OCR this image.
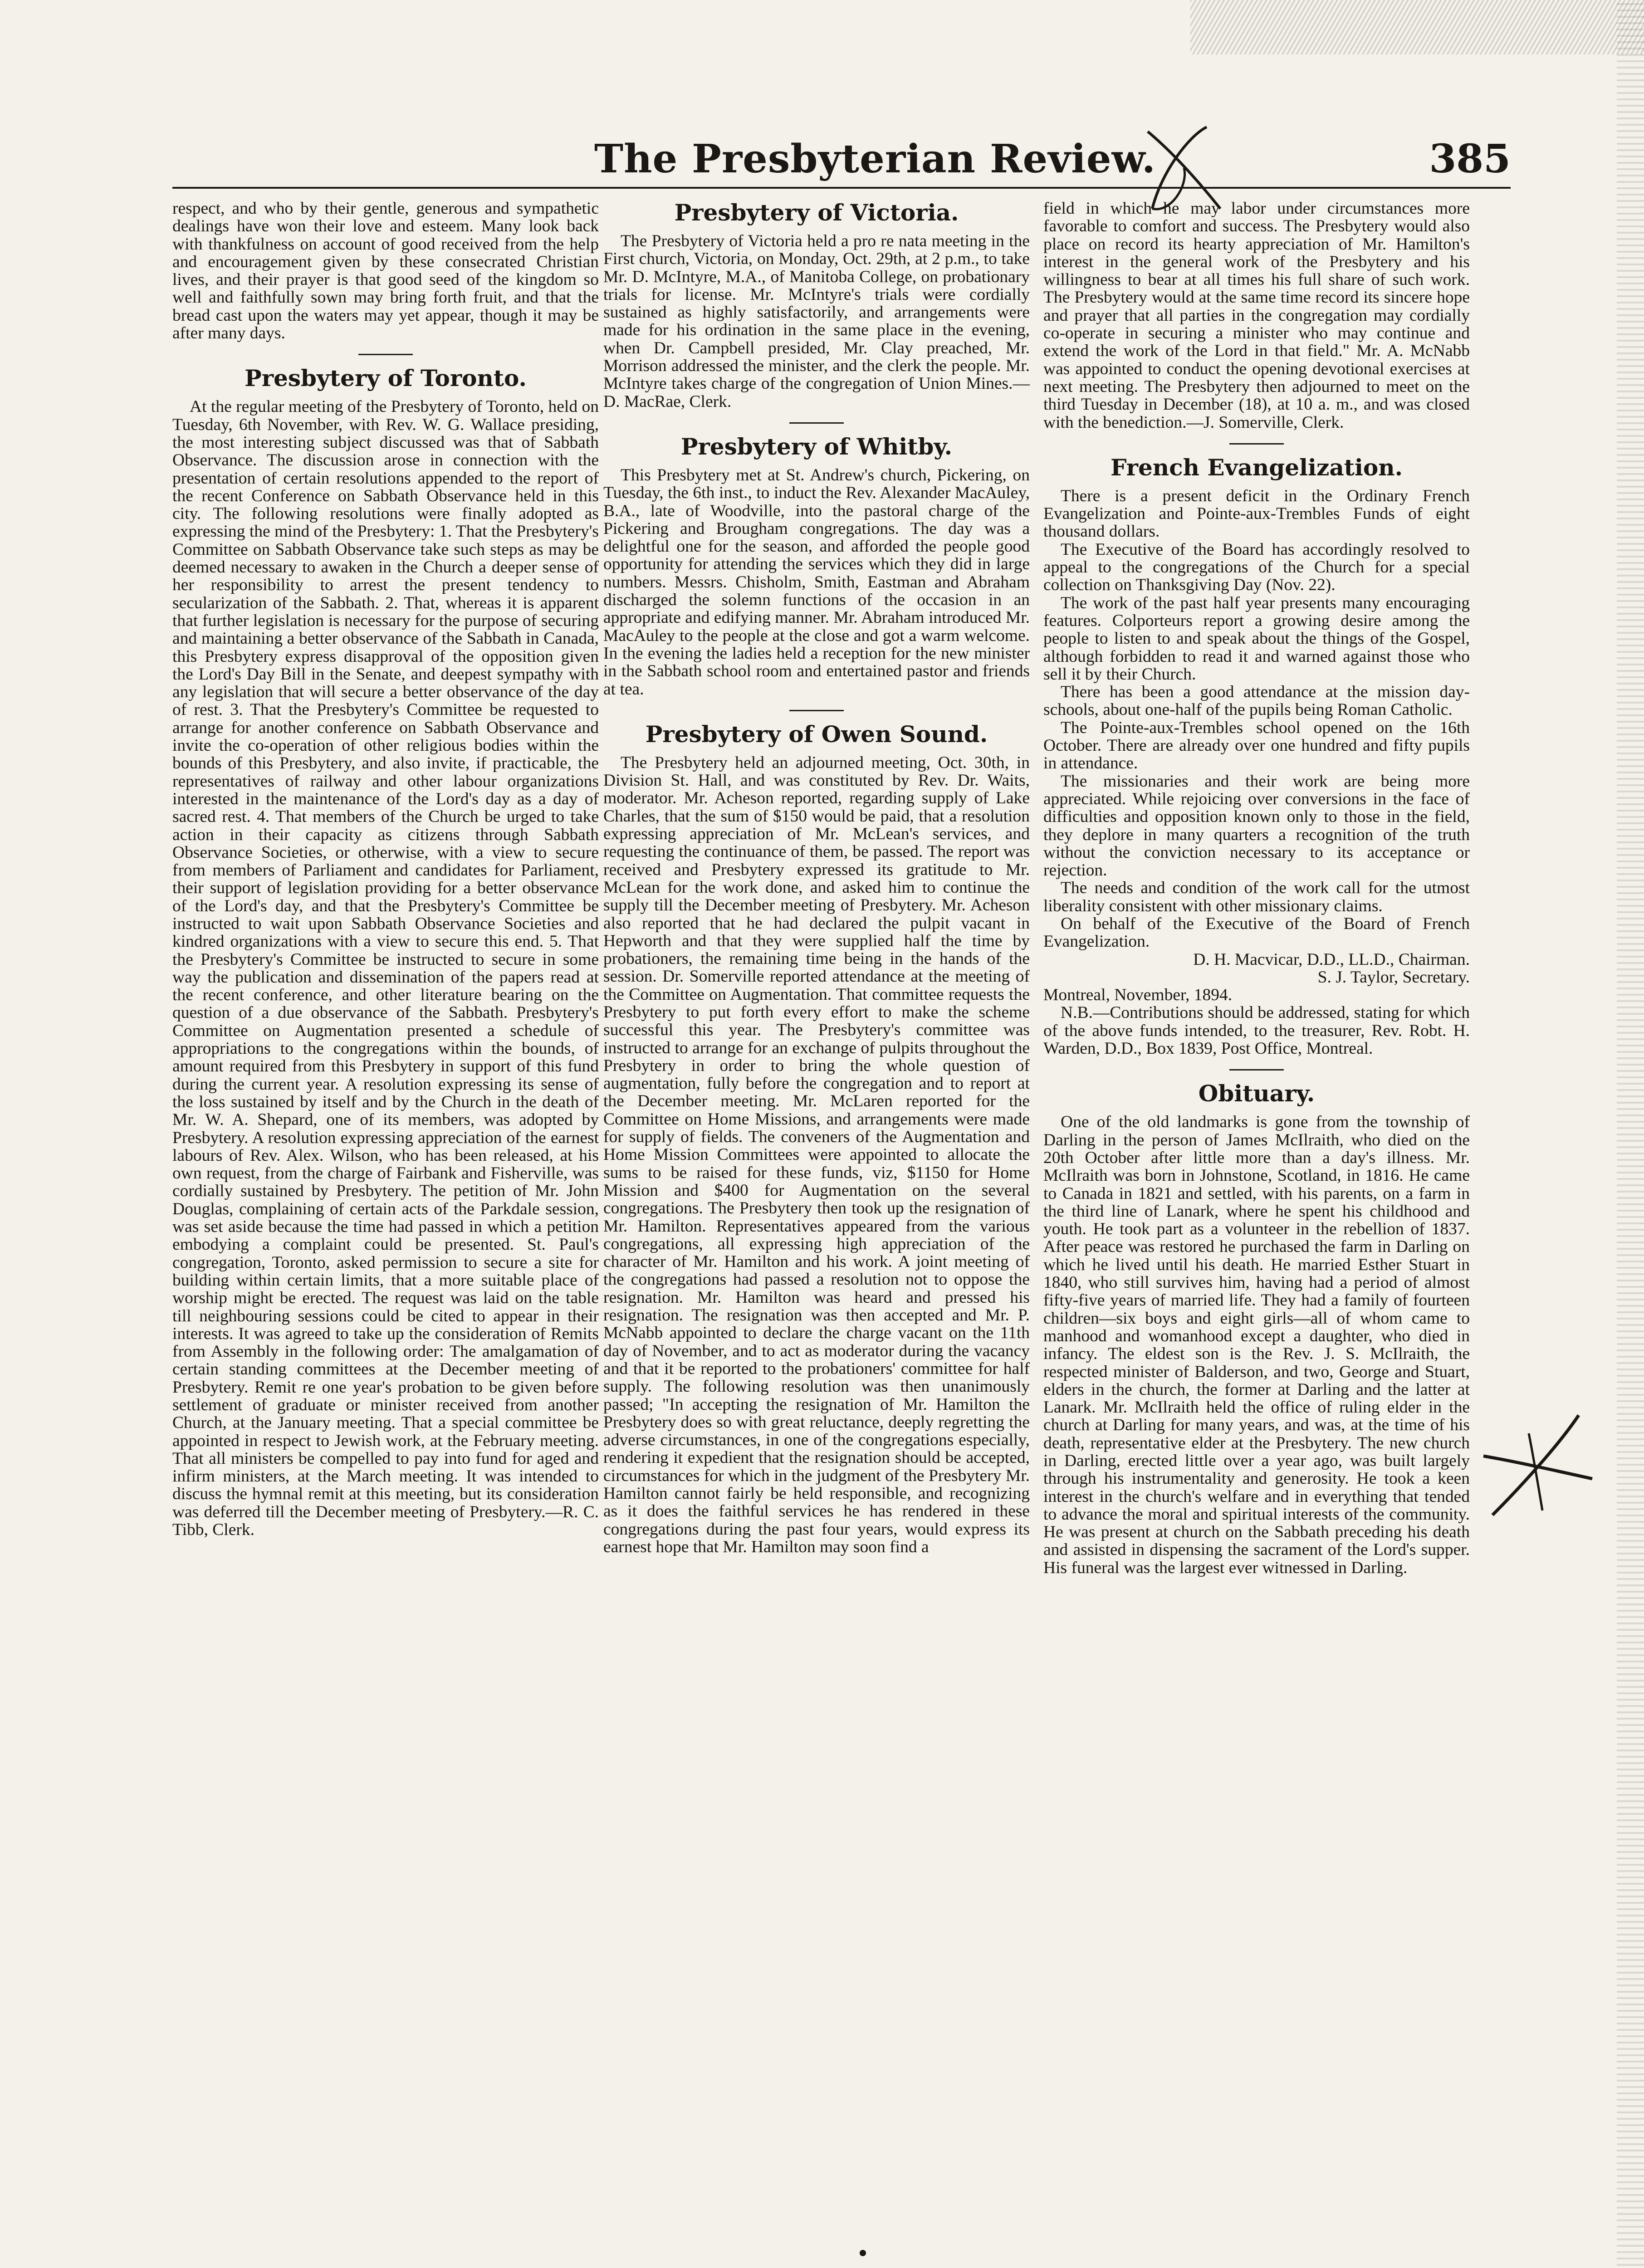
The Presbyterian Review.	385

respect, and who by their gentle, generous and sympathetic dealings have won their love and esteem. Many look back with thankfulness on account of good received from the help and encouragement given by these consecrated Christian lives, and their prayer is that good seed of the kingdom so well and faithfully sown may bring forth fruit, and that the bread cast upon the waters may yet appear, though it may be after many days.

Presbytery of Toronto.

At the regular meeting of the Presbytery of Toronto, held on Tuesday, 6th November, with Rev. W. G. Wallace presiding, the most interesting subject discussed was that of Sabbath Observance. The discussion arose in connection with the presentation of certain resolutions appended to the report of the recent Conference on Sabbath Observance held in this city. The following resolutions were finally adopted as expressing the mind of the Presbytery: 1. That the Presbytery's Committee on Sabbath Observance take such steps as may be deemed necessary to awaken in the Church a deeper sense of her responsibility to arrest the present tendency to secularization of the Sabbath. 2. That, whereas it is apparent that further legislation is necessary for the purpose of securing and maintaining a better observance of the Sabbath in Canada, this Presbytery express disapproval of the opposition given the Lord's Day Bill in the Senate, and deepest sympathy with any legislation that will secure a better observance of the day of rest. 3. That the Presbytery's Committee be requested to arrange for another conference on Sabbath Observance and invite the co-operation of other religious bodies within the bounds of this Presbytery, and also invite, if practicable, the representatives of railway and other labour organizations interested in the maintenance of the Lord's day as a day of sacred rest. 4. That members of the Church be urged to take action in their capacity as citizens through Sabbath Observance Societies, or otherwise, with a view to secure from members of Parliament and candidates for Parliament, their support of legislation providing for a better observance of the Lord's day, and that the Presbytery's Committee be instructed to wait upon Sabbath Observance Societies and kindred organizations with a view to secure this end. 5. That the Presbytery's Committee be instructed to secure in some way the publication and dissemination of the papers read at the recent conference, and other literature bearing on the question of a due observance of the Sabbath. Presbytery's Committee on Augmentation presented a schedule of appropriations to the congregations within the bounds, of amount required from this Presbytery in support of this fund during the current year. A resolution expressing its sense of the loss sustained by itself and by the Church in the death of Mr. W. A. Shepard, one of its members, was adopted by Presbytery. A resolution expressing appreciation of the earnest labours of Rev. Alex. Wilson, who has been released, at his own request, from the charge of Fairbank and Fisherville, was cordially sustained by Presbytery. The petition of Mr. John Douglas, complaining of certain acts of the Parkdale session, was set aside because the time had passed in which a petition embodying a complaint could be presented. St. Paul's congregation, Toronto, asked permission to secure a site for building within certain limits, that a more suitable place of worship might be erected. The request was laid on the table till neighbouring sessions could be cited to appear in their interests. It was agreed to take up the consideration of Remits from Assembly in the following order: The amalgamation of certain standing committees at the December meeting of Presbytery. Remit re one year's probation to be given before settlement of graduate or minister received from another Church, at the January meeting. That a special committee be appointed in respect to Jewish work, at the February meeting. That all ministers be compelled to pay into fund for aged and infirm ministers, at the March meeting. It was intended to discuss the hymnal remit at this meeting, but its consideration was deferred till the December meeting of Presbytery.—R. C. Tibb, Clerk.

Presbytery of Victoria.

The Presbytery of Victoria held a pro re nata meeting in the First church, Victoria, on Monday, Oct. 29th, at 2 p.m., to take Mr. D. McIntyre, M.A., of Manitoba College, on probationary trials for license. Mr. McIntyre's trials were cordially sustained as highly satisfactorily, and arrangements were made for his ordination in the same place in the evening, when Dr. Campbell presided, Mr. Clay preached, Mr. Morrison addressed the minister, and the clerk the people. Mr. McIntyre takes charge of the congregation of Union Mines.—D. MacRae, Clerk.

Presbytery of Whitby.

This Presbytery met at St. Andrew's church, Pickering, on Tuesday, the 6th inst., to induct the Rev. Alexander MacAuley, B.A., late of Woodville, into the pastoral charge of the Pickering and Brougham congregations. The day was a delightful one for the season, and afforded the people good opportunity for attending the services which they did in large numbers. Messrs. Chisholm, Smith, Eastman and Abraham discharged the solemn functions of the occasion in an appropriate and edifying manner. Mr. Abraham introduced Mr. MacAuley to the people at the close and got a warm welcome. In the evening the ladies held a reception for the new minister in the Sabbath school room and entertained pastor and friends at tea.

Presbytery of Owen Sound.

The Presbytery held an adjourned meeting, Oct. 30th, in Division St. Hall, and was constituted by Rev. Dr. Waits, moderator. Mr. Acheson reported, regarding supply of Lake Charles, that the sum of $150 would be paid, that a resolution expressing appreciation of Mr. McLean's services, and requesting the continuance of them, be passed. The report was received and Presbytery expressed its gratitude to Mr. McLean for the work done, and asked him to continue the supply till the December meeting of Presbytery. Mr. Acheson also reported that he had declared the pulpit vacant in Hepworth and that they were supplied half the time by probationers, the remaining time being in the hands of the session. Dr. Somerville reported attendance at the meeting of the Committee on Augmentation. That committee requests the Presbytery to put forth every effort to make the scheme successful this year. The Presbytery's committee was instructed to arrange for an exchange of pulpits throughout the Presbytery in order to bring the whole question of augmentation, fully before the congregation and to report at the December meeting. Mr. McLaren reported for the Committee on Home Missions, and arrangements were made for supply of fields. The conveners of the Augmentation and Home Mission Committees were appointed to allocate the sums to be raised for these funds, viz, $1150 for Home Mission and $400 for Augmentation on the several congregations. The Presbytery then took up the resignation of Mr. Hamilton. Representatives appeared from the various congregations, all expressing high appreciation of the character of Mr. Hamilton and his work. A joint meeting of the congregations had passed a resolution not to oppose the resignation. Mr. Hamilton was heard and pressed his resignation. The resignation was then accepted and Mr. P. McNabb appointed to declare the charge vacant on the 11th day of November, and to act as moderator during the vacancy and that it be reported to the probationers' committee for half supply. The following resolution was then unanimously passed; "In accepting the resignation of Mr. Hamilton the Presbytery does so with great reluctance, deeply regretting the adverse circumstances, in one of the congregations especially, rendering it expedient that the resignation should be accepted, circumstances for which in the judgment of the Presbytery Mr. Hamilton cannot fairly be held responsible, and recognizing as it does the faithful services he has rendered in these congregations during the past four years, would express its earnest hope that Mr. Hamilton may soon find a

field in which he may labor under circumstances more favorable to comfort and success. The Presbytery would also place on record its hearty appreciation of Mr. Hamilton's interest in the general work of the Presbytery and his willingness to bear at all times his full share of such work. The Presbytery would at the same time record its sincere hope and prayer that all parties in the congregation may cordially co-operate in securing a minister who may continue and extend the work of the Lord in that field." Mr. A. McNabb was appointed to conduct the opening devotional exercises at next meeting. The Presbytery then adjourned to meet on the third Tuesday in December (18), at 10 a. m., and was closed with the benediction.—J. Somerville, Clerk.

French Evangelization.

There is a present deficit in the Ordinary French Evangelization and Pointe-aux-Trembles Funds of eight thousand dollars.

The Executive of the Board has accordingly resolved to appeal to the congregations of the Church for a special collection on Thanksgiving Day (Nov. 22).

The work of the past half year presents many encouraging features. Colporteurs report a growing desire among the people to listen to and speak about the things of the Gospel, although forbidden to read it and warned against those who sell it by their Church.

There has been a good attendance at the mission day-schools, about one-half of the pupils being Roman Catholic.

The Pointe-aux-Trembles school opened on the 16th October. There are already over one hundred and fifty pupils in attendance.

The missionaries and their work are being more appreciated. While rejoicing over conversions in the face of difficulties and opposition known only to those in the field, they deplore in many quarters a recognition of the truth without the conviction necessary to its acceptance or rejection.

The needs and condition of the work call for the utmost liberality consistent with other missionary claims.

On behalf of the Executive of the Board of French Evangelization.

D. H. Macvicar, D.D., LL.D., Chairman.

S. J. Taylor, Secretary.

Montreal, November, 1894.

N.B.—Contributions should be addressed, stating for which of the above funds intended, to the treasurer, Rev. Robt. H. Warden, D.D., Box 1839, Post Office, Montreal.

Obituary.

One of the old landmarks is gone from the township of Darling in the person of James McIlraith, who died on the 20th October after little more than a day's illness. Mr. McIlraith was born in Johnstone, Scotland, in 1816. He came to Canada in 1821 and settled, with his parents, on a farm in the third line of Lanark, where he spent his childhood and youth. He took part as a volunteer in the rebellion of 1837. After peace was restored he purchased the farm in Darling on which he lived until his death. He married Esther Stuart in 1840, who still survives him, having had a period of almost fifty-five years of married life. They had a family of fourteen children—six boys and eight girls—all of whom came to manhood and womanhood except a daughter, who died in infancy. The eldest son is the Rev. J. S. McIlraith, the respected minister of Balderson, and two, George and Stuart, elders in the church, the former at Darling and the latter at Lanark. Mr. McIlraith held the office of ruling elder in the church at Darling for many years, and was, at the time of his death, representative elder at the Presbytery. The new church in Darling, erected little over a year ago, was built largely through his instrumentality and generosity. He took a keen interest in the church's welfare and in everything that tended to advance the moral and spiritual interests of the community. He was present at church on the Sabbath preceding his death and assisted in dispensing the sacrament of the Lord's supper. His funeral was the largest ever witnessed in Darling.
